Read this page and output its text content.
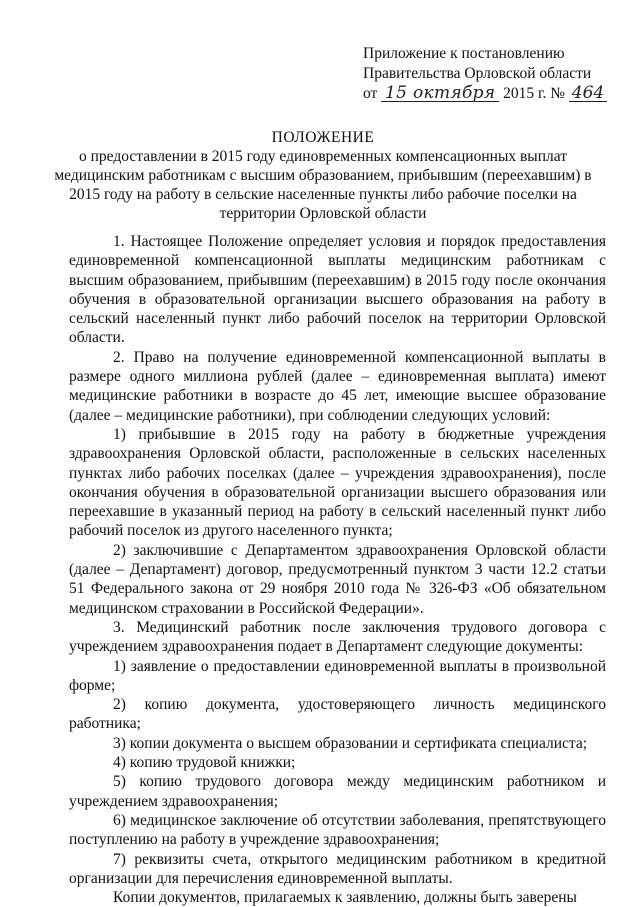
Приложение к постановлению
Правительства Орловской области
от 15 октября 2015 г. № 464
ПОЛОЖЕНИЕ
о предоставлении в 2015 году единовременных компенсационных выплат медицинским работникам с высшим образованием, прибывшим (переехавшим) в 2015 году на работу в сельские населенные пункты либо рабочие поселки на территории Орловской области

1. Настоящее Положение определяет условия и порядок предоставления единовременной компенсационной выплаты медицинским работникам с высшим образованием, прибывшим (переехавшим) в 2015 году после окончания обучения в образовательной организации высшего образования на работу в сельский населенный пункт либо рабочий поселок на территории Орловской области.

2. Право на получение единовременной компенсационной выплаты в размере одного миллиона рублей (далее – единовременная выплата) имеют медицинские работники в возрасте до 45 лет, имеющие высшее образование (далее – медицинские работники), при соблюдении следующих условий:

1) прибывшие в 2015 году на работу в бюджетные учреждения здравоохранения Орловской области, расположенные в сельских населенных пунктах либо рабочих поселках (далее – учреждения здравоохранения), после окончания обучения в образовательной организации высшего образования или переехавшие в указанный период на работу в сельский населенный пункт либо рабочий поселок из другого населенного пункта;

2) заключившие с Департаментом здравоохранения Орловской области (далее – Департамент) договор, предусмотренный пунктом 3 части 12.2 статьи 51 Федерального закона от 29 ноября 2010 года № 326-ФЗ «Об обязательном медицинском страховании в Российской Федерации».

3. Медицинский работник после заключения трудового договора с учреждением здравоохранения подает в Департамент следующие документы:

1) заявление о предоставлении единовременной выплаты в произвольной форме;

2) копию документа, удостоверяющего личность медицинского работника;

3) копии документа о высшем образовании и сертификата специалиста;

4) копию трудовой книжки;

5) копию трудового договора между медицинским работником и учреждением здравоохранения;

6) медицинское заключение об отсутствии заболевания, препятствующего поступлению на работу в учреждение здравоохранения;

7) реквизиты счета, открытого медицинским работником в кредитной организации для перечисления единовременной выплаты.

Копии документов, прилагаемых к заявлению, должны быть заверены
